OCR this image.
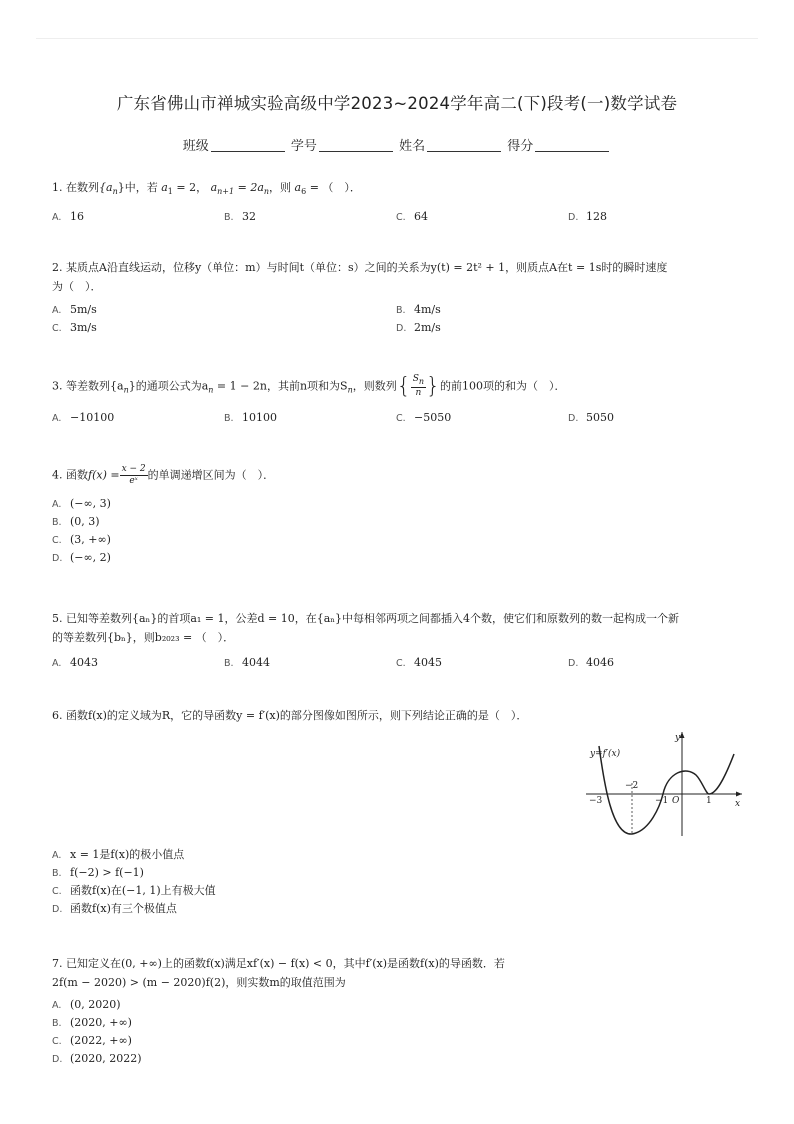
广东省佛山市禅城实验高级中学2023~2024学年高二(下)段考(一)数学试卷
班级	学号	姓名	得分
1. 在数列$\{a_n\}$中，若 $a_1 = 2$， $a_{n+1} = 2a_n$，则 $a_6$ = （　）．
A. 16	B. 32	C. 64	D. 128
2. 某质点A沿直线运动，位移y（单位：m）与时间t（单位：s）之间的关系为y(t) = 2t² + 1，则质点A在t = 1s时的瞬时速度
为（　）．
A. 5m/s	B. 4m/s
C. 3m/s	D. 2m/s
3. 等差数列$\{a_n\}$的通项公式为$a_n = 1 - 2n$，其前n项和为$S_n$，则数列{ $\frac{S_n}{n}$ }的前100项的和为（　）．
A. −10100	B. 10100	C. −5050	D. 5050
4. 函数$f(x) = \frac{x - 2}{\text{eˣ}}$ 的单调递增区间为（　）．
A. (−∞, 3)
B. (0, 3)
C. (3, +∞)
D. (−∞, 2)
5. 已知等差数列{aₙ}的首项a₁ = 1，公差d = 10，在{aₙ}中每相邻两项之间都插入4个数，使它们和原数列的数一起构成一个新
的等差数列{bₙ}，则b₂₀₂₃ = （　）．
A. 4043	B. 4044	C. 4045	D. 4046
6. 函数f(x)的定义域为R，它的导函数y = f′(x)的部分图像如图所示，则下列结论正确的是（　）．
y=f′(x)
y
x
O
−3
−2
−1	1
A. x = 1是f(x)的极小值点
B. f(−2) > f(−1)
C. 函数f(x)在(−1, 1)上有极大值
D. 函数f(x)有三个极值点
7. 已知定义在(0, +∞)上的函数f(x)满足xf′(x) − f(x) < 0，其中f′(x)是函数f(x)的导函数．若
2f(m − 2020) > (m − 2020)f(2)，则实数m的取值范围为
A. (0, 2020)
B. (2020, +∞)
C. (2022, +∞)
D. (2020, 2022)
